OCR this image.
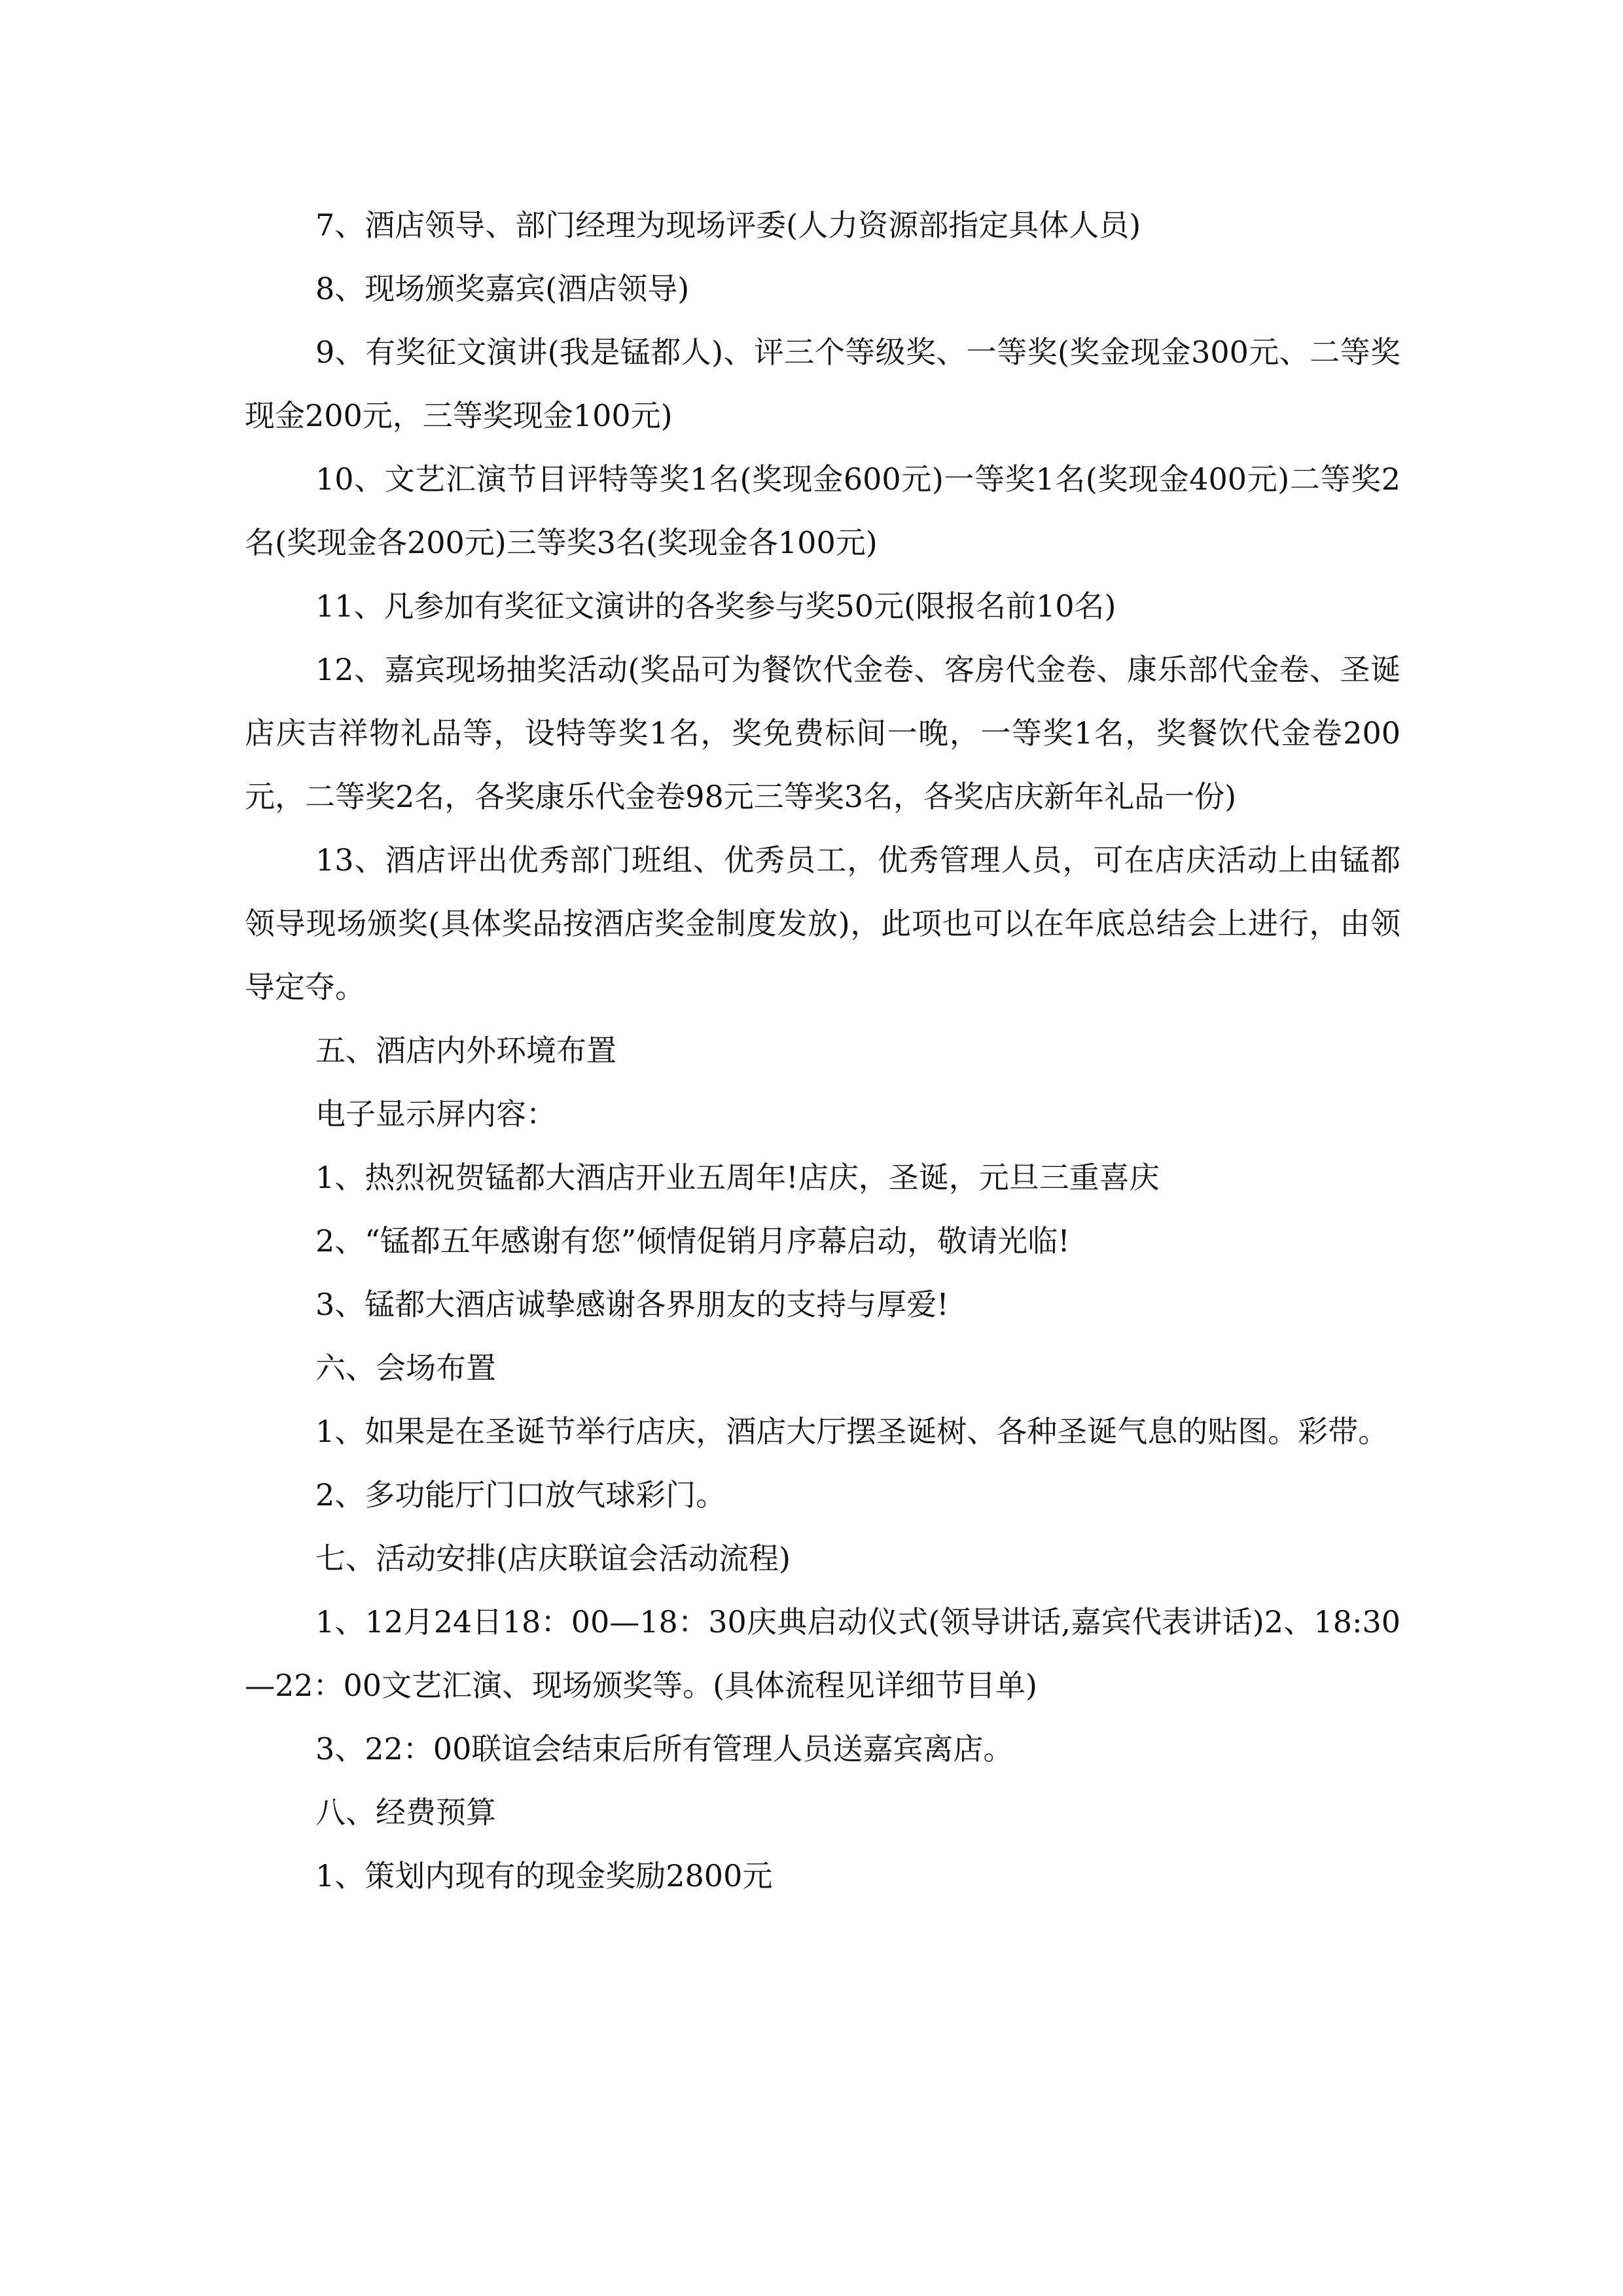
7、酒店领导、部门经理为现场评委(人力资源部指定具体人员)

8、现场颁奖嘉宾(酒店领导)

9、有奖征文演讲(我是锰都人)、评三个等级奖、一等奖(奖金现金300元、二等奖现金200元，三等奖现金100元)

10、文艺汇演节目评特等奖1名(奖现金600元)一等奖1名(奖现金400元)二等奖2名(奖现金各200元)三等奖3名(奖现金各100元)

11、凡参加有奖征文演讲的各奖参与奖50元(限报名前10名)

12、嘉宾现场抽奖活动(奖品可为餐饮代金卷、客房代金卷、康乐部代金卷、圣诞店庆吉祥物礼品等，设特等奖1名，奖免费标间一晚，一等奖1名，奖餐饮代金卷200元，二等奖2名，各奖康乐代金卷98元三等奖3名，各奖店庆新年礼品一份)

13、酒店评出优秀部门班组、优秀员工，优秀管理人员，可在店庆活动上由锰都领导现场颁奖(具体奖品按酒店奖金制度发放)，此项也可以在年底总结会上进行，由领导定夺。

五、酒店内外环境布置

电子显示屏内容：

1、热烈祝贺锰都大酒店开业五周年!店庆，圣诞，元旦三重喜庆

2、“锰都五年感谢有您”倾情促销月序幕启动，敬请光临!

3、锰都大酒店诚挚感谢各界朋友的支持与厚爱!

六、会场布置

1、如果是在圣诞节举行店庆，酒店大厅摆圣诞树、各种圣诞气息的贴图。彩带。

2、多功能厅门口放气球彩门。

七、活动安排(店庆联谊会活动流程)

1、12月24日18：00—18：30庆典启动仪式(领导讲话,嘉宾代表讲话)2、18:30—22：00文艺汇演、现场颁奖等。(具体流程见详细节目单)

3、22：00联谊会结束后所有管理人员送嘉宾离店。

八、经费预算

1、策划内现有的现金奖励2800元
